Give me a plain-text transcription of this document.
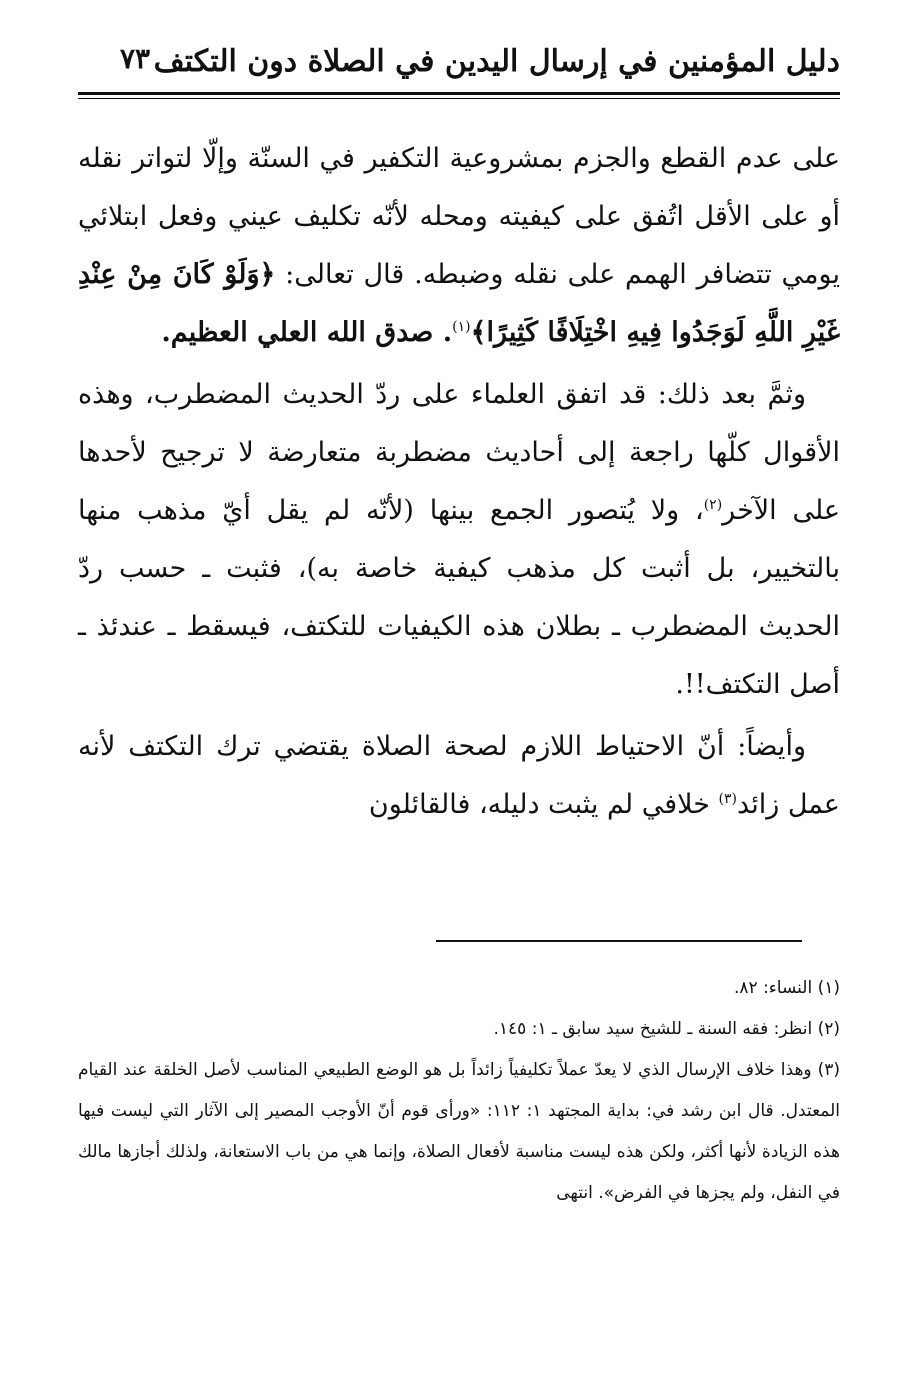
دليل المؤمنين في إرسال اليدين في الصلاة دون التكتف
٧٣

على عدم القطع والجزم بمشروعية التكفير في السنّة وإلّا لتواتر نقله أو على الأقل اتُفق على كيفيته ومحله لأنّه تكليف عيني وفعل ابتلائي يومي تتضافر الهمم على نقله وضبطه. قال تعالى: ﴿وَلَوْ كَانَ مِنْ عِنْدِ غَيْرِ اللَّهِ لَوَجَدُوا فِيهِ اخْتِلَافًا كَثِيرًا﴾$^{(١)}$. صدق الله العلي العظيم.

وثمَّ بعد ذلك: قد اتفق العلماء على ردّ الحديث المضطرب، وهذه الأقوال كلّها راجعة إلى أحاديث مضطربة متعارضة لا ترجيح لأحدها على الآخر$^{(٢)}$، ولا يُتصور الجمع بينها (لأنّه لم يقل أيّ مذهب منها بالتخيير، بل أثبت كل مذهب كيفية خاصة به)، فثبت ـ حسب ردّ الحديث المضطرب ـ بطلان هذه الكيفيات للتكتف، فيسقط ـ عندئذ ـ أصل التكتف!!.

وأيضاً: أنّ الاحتياط اللازم لصحة الصلاة يقتضي ترك التكتف لأنه عمل زائد$^{(٣)}$ خلافي لم يثبت دليله، فالقائلون

(١) النساء: ٨٢.

(٢) انظر: فقه السنة ـ للشيخ سيد سابق ـ ١: ١٤٥.

(٣) وهذا خلاف الإرسال الذي لا يعدّ عملاً تكليفياً زائداً بل هو الوضع الطبيعي المناسب لأصل الخلقة عند القيام المعتدل. قال ابن رشد في: بداية المجتهد ١: ١١٢: «ورأى قوم أنّ الأوجب المصير إلى الآثار التي ليست فيها هذه الزيادة لأنها أكثر، ولكن هذه ليست مناسبة لأفعال الصلاة، وإنما هي من باب الاستعانة، ولذلك أجازها مالك في النفل، ولم يجزها في الفرض». انتهى
